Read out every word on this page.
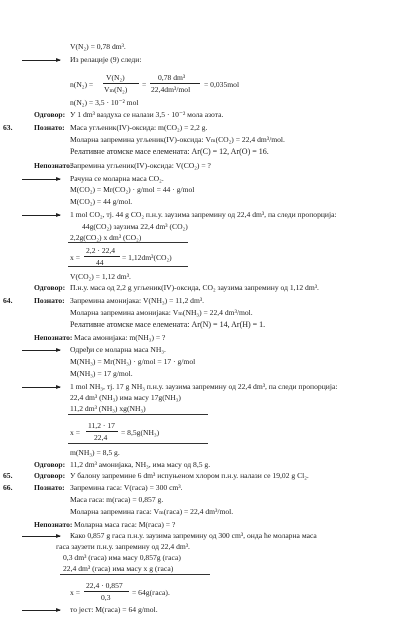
V(N₂) = 0,78 dm³.
Из релације (9) следи:
n(N₂) =
V(N₂)
Vₘ(N₂)
=
0,78 dm³
22,4dm³/mol
= 0,035mol
n(N₂) = 3,5 · 10⁻² mol
Одговор: У 1 dm³ ваздуха се налази 3,5 · 10⁻² мола азота.
63.	Познато: Маса угљеник(IV)-оксида: m(CO₂) = 2,2 g.
Моларна запремина угљеник(IV)-оксида: Vₘ(CO₂) = 22,4 dm³/mol.
Релативне атомске масе елемената: Ar(C) = 12, Ar(O) = 16.
Непознато:
Запремина угљеник(IV)-оксида: V(CO₂) = ?
Рачуна се моларна маса CO₂.
M(CO₂) = Mr(CO₂) · g/mol = 44 · g/mol
M(CO₂) = 44 g/mol.
1 mol CO₂, тј. 44 g CO₂ п.н.у. заузима запремину од 22,4 dm³, па следи пропорција:
44g(CO₂) заузима 22,4 dm³ (CO₂)
2,2g(CO₂) x dm³ (CO₂)
x =
2,2 · 22,4
44
= 1,12dm³(CO₂)
V(CO₂) = 1,12 dm³.
Одговор: П.н.у. маса од 2,2 g угљеник(IV)-оксида, CO₂ заузима запремину од 1,12 dm³.
64.	Познато: Запремина амонијака: V(NH₃) = 11,2 dm³.
Моларна запремина амонијака: Vₘ(NH₃) = 22,4 dm³/mol.
Релативне атомске масе елемената: Ar(N) = 14, Ar(H) = 1.
Непознато: Маса амонијака: m(NH₃) = ?
Одређи се моларна маса NH₃.
M(NH₃) = Mr(NH₃) · g/mol = 17 · g/mol
M(NH₃) = 17 g/mol.
1 mol NH₃, тј. 17 g NH₃ п.н.у. заузима запремину од 22,4 dm³, па следи пропорција:
22,4 dm³ (NH₃) има масу 17g(NH₃)
11,2 dm³ (NH₃) xg(NH₃)
x =
11,2 · 17
22,4
= 8,5g(NH₃)
m(NH₃) = 8,5 g.
Одговор: 11,2 dm³ амонијака, NH₃, има масу од 8,5 g.
65.	Одговор: У балону запремине 6 dm³ испуњеном хлором п.н.у. налази се 19,02 g Cl₂.
66.	Познато: Запремина гаса: V(гаса) = 300 cm³.
Маса гаса: m(гаса) = 0,857 g.
Моларна запремина гаса: Vₘ(гаса) = 22,4 dm³/mol.
Непознато: Моларна маса гаса: M(гаса) = ?
Како 0,857 g гаса п.н.у. заузима запремину од 300 cm³, онда ће моларна маса
гаса заузети п.н.у. запремину од 22,4 dm³.
0,3 dm³ (гаса) има масу 0,857g (гаса)
22,4 dm³ (гаса) има масу x g (гаса)
x =
22,4 · 0,857
0,3
= 64g(гаса).
то јест: M(гаса) = 64 g/mol.
